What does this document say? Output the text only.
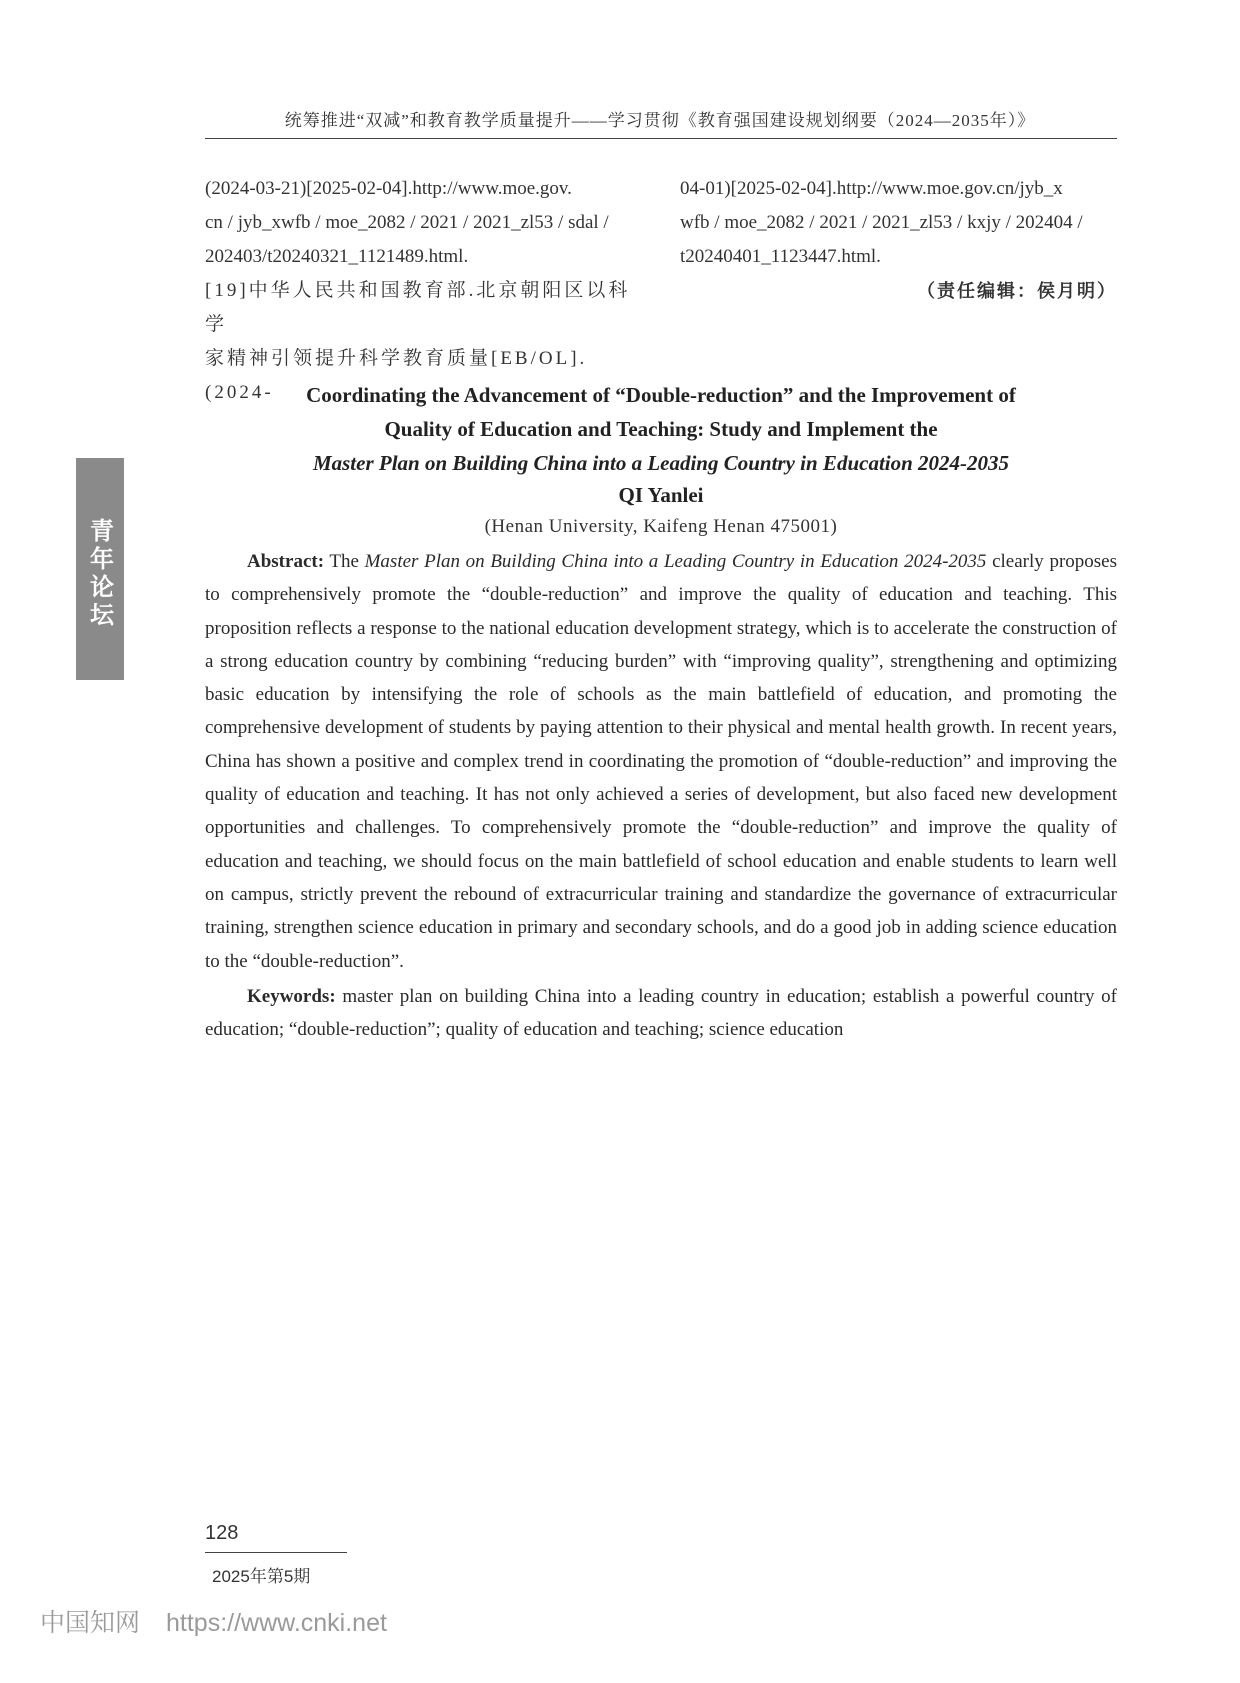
统筹推进“双减”和教育教学质量提升——学习贯彻《教育强国建设规划纲要（2024—2035年）》

(2024-03-21)[2025-02-04].http://www.moe.gov.

cn / jyb_xwfb / moe_2082 / 2021 / 2021_zl53 / sdal /

202403/t20240321_1121489.html.

[19]中华人民共和国教育部.北京朝阳区以科学

家精神引领提升科学教育质量[EB/OL].(2024-

04-01)[2025-02-04].http://www.moe.gov.cn/jyb_x

wfb / moe_2082 / 2021 / 2021_zl53 / kxjy / 202404 /

t20240401_1123447.html.

（责任编辑：侯月明）

青年论坛
Coordinating the Advancement of “Double-reduction” and the Improvement of
Quality of Education and Teaching: Study and Implement the
Master Plan on Building China into a Leading Country in Education 2024-2035
QI Yanlei
(Henan University, Kaifeng Henan 475001)

Abstract: The Master Plan on Building China into a Leading Country in Education 2024-2035 clearly proposes to comprehensively promote the “double-reduction” and improve the quality of education and teaching. This proposition reflects a response to the national education development strategy, which is to accelerate the construction of a strong education country by combining “reducing burden” with “improving quality”, strengthening and optimizing basic education by intensifying the role of schools as the main battlefield of education, and promoting the comprehensive development of students by paying attention to their physical and mental health growth. In recent years, China has shown a positive and complex trend in coordinating the promotion of “double-reduction” and improving the quality of education and teaching. It has not only achieved a series of development, but also faced new development opportunities and challenges. To comprehensively promote the “double-reduction” and improve the quality of education and teaching, we should focus on the main battlefield of school education and enable students to learn well on campus, strictly prevent the rebound of extracurricular training and standardize the governance of extracurricular training, strengthen science education in primary and secondary schools, and do a good job in adding science education to the “double-reduction”.

Keywords: master plan on building China into a leading country in education; establish a powerful country of education; “double-reduction”; quality of education and teaching; science education

128
2025年第5期
中国知网 https://www.cnki.net
